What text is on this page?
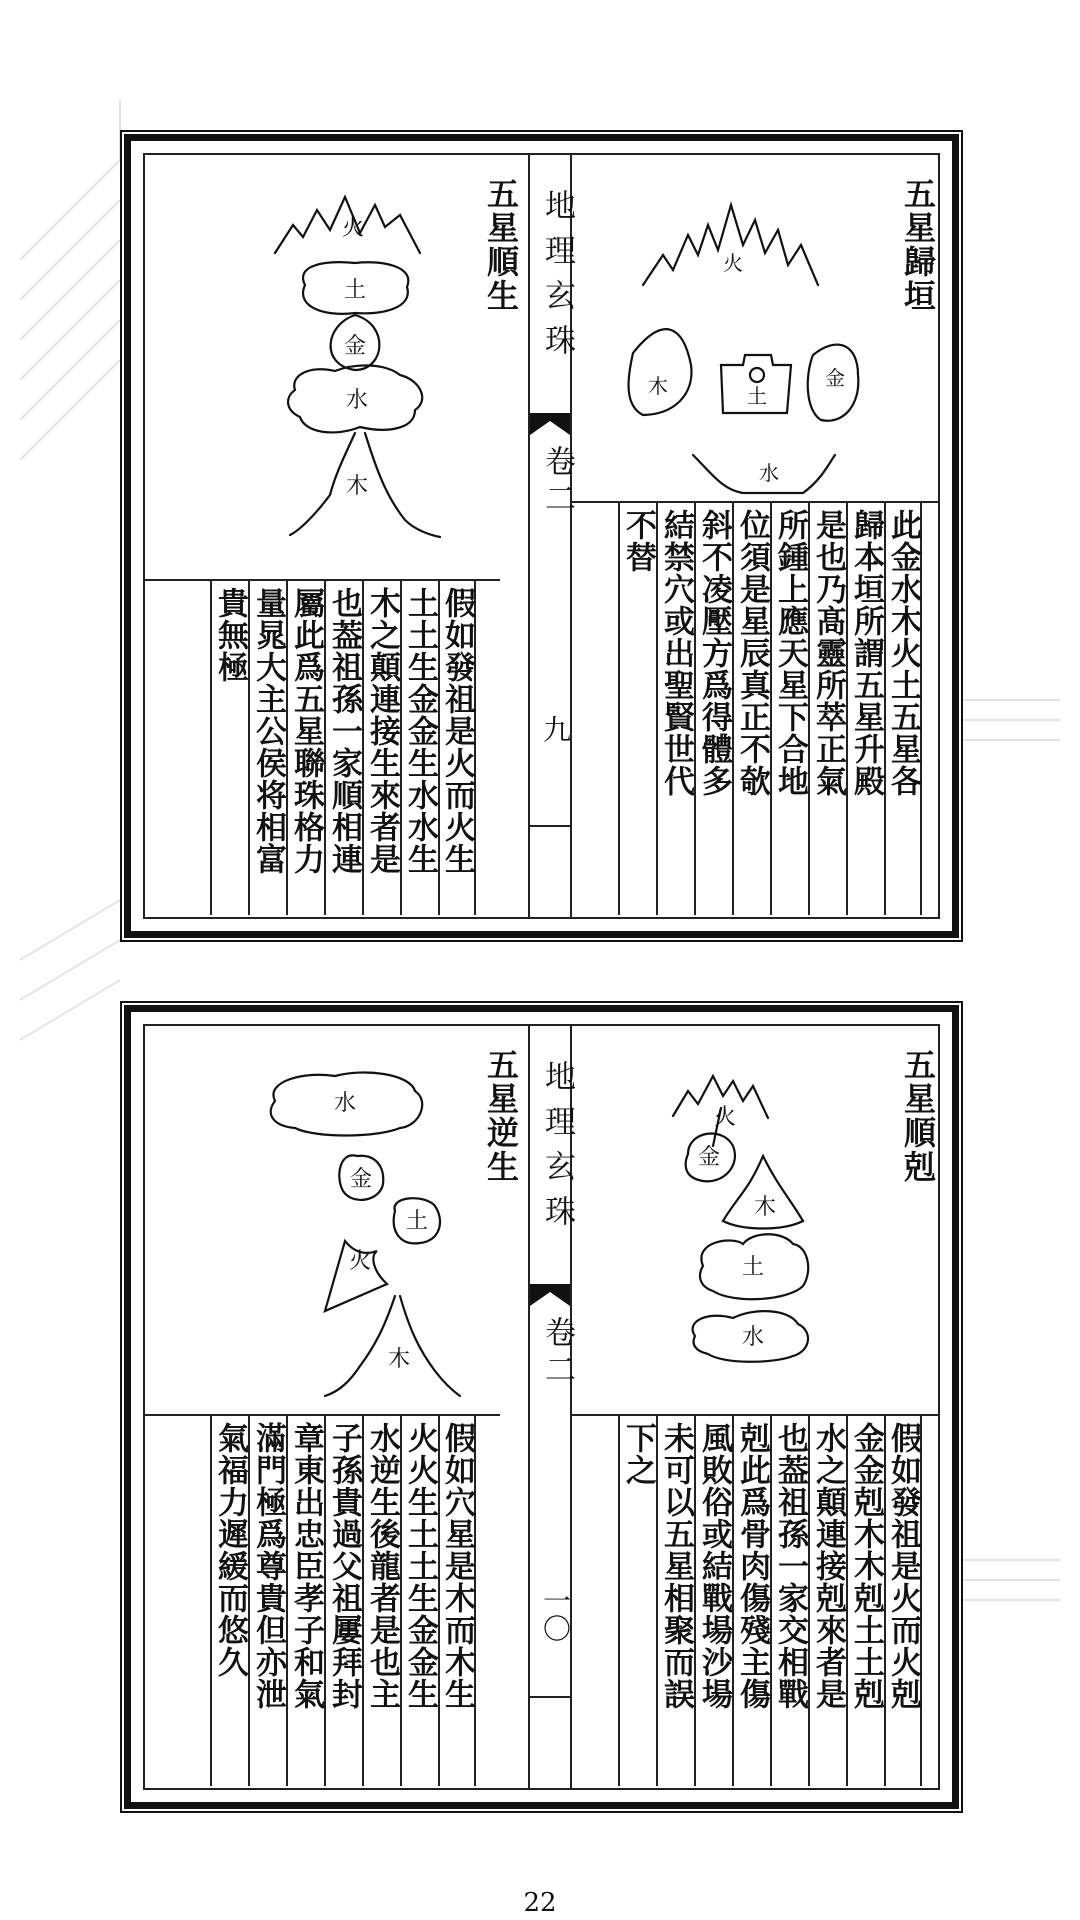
地理玄珠
卷二
九
五星歸垣
火
木	土
金
水
此金水木火土五星各
歸本垣所謂五星升殿
是也乃髙靈所萃正氣
所鍾上應天星下合地
位須是星辰真正不欹
斜不凌壓方爲得體多
結禁穴或出聖賢世代
不替
五星順生
火
土
金
水
木
假如發祖是火而火生
土土生金金生水水生
木之顛連接生來者是
也葢祖孫一家順相連
屬此爲五星聯珠格力
量晁大主公侯将相富
貴無極
地理玄珠
卷二
一〇
五星順剋
火
金
木
土
水
假如發祖是火而火剋
金金剋木木剋土土剋
水之顛連接剋來者是
也葢祖孫一家交相戰
剋此爲骨肉傷殘主傷
風敗俗或結戰場沙場
未可以五星相聚而誤
下之
五星逆生
水
金
土
火
木
假如穴星是木而木生
火火生土土生金金生
水逆生後龍者是也主
子孫貴過父祖屢拜封
章東出忠臣孝子和氣
滿門極爲尊貴但亦泄
氣福力遲緩而悠久
22
